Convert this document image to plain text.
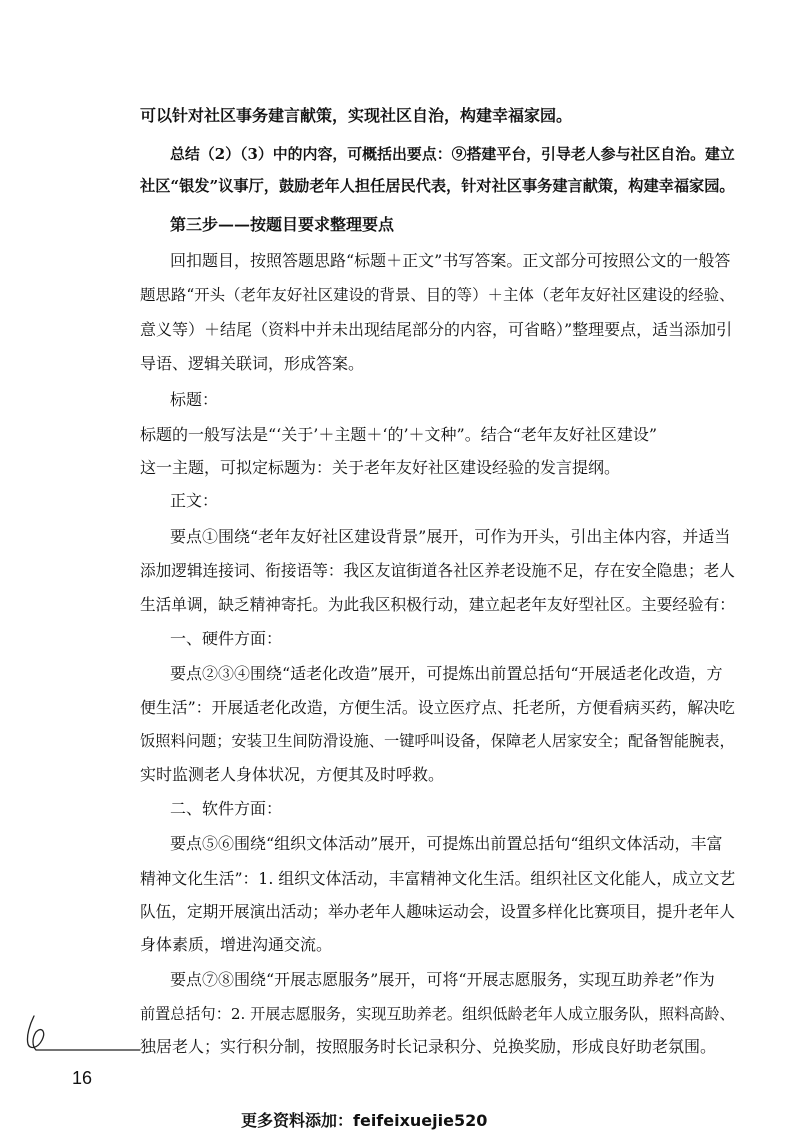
可以针对社区事务建言献策，实现社区自治，构建幸福家园。
总结（2）（3）中的内容，可概括出要点：⑨搭建平台，引导老人参与社区自治。建立
社区“银发”议事厅，鼓励老年人担任居民代表，针对社区事务建言献策，构建幸福家园。
第三步——按题目要求整理要点
回扣题目，按照答题思路“标题＋正文”书写答案。正文部分可按照公文的一般答
题思路“开头（老年友好社区建设的背景、目的等）＋主体（老年友好社区建设的经验、
意义等）＋结尾（资料中并未出现结尾部分的内容，可省略）”整理要点，适当添加引
导语、逻辑关联词，形成答案。
标题：
标题的一般写法是“‘关于’＋主题＋‘的’＋文种”。结合“老年友好社区建设”
这一主题，可拟定标题为：关于老年友好社区建设经验的发言提纲。
正文：
要点①围绕“老年友好社区建设背景”展开，可作为开头，引出主体内容，并适当
添加逻辑连接词、衔接语等：我区友谊街道各社区养老设施不足，存在安全隐患；老人
生活单调，缺乏精神寄托。为此我区积极行动，建立起老年友好型社区。主要经验有：
一、硬件方面：
要点②③④围绕“适老化改造”展开，可提炼出前置总括句“开展适老化改造，方
便生活”：开展适老化改造，方便生活。设立医疗点、托老所，方便看病买药，解决吃
饭照料问题；安装卫生间防滑设施、一键呼叫设备，保障老人居家安全；配备智能腕表，
实时监测老人身体状况，方便其及时呼救。
二、软件方面：
要点⑤⑥围绕“组织文体活动”展开，可提炼出前置总括句“组织文体活动，丰富
精神文化生活”：1. 组织文体活动，丰富精神文化生活。组织社区文化能人，成立文艺
队伍，定期开展演出活动；举办老年人趣味运动会，设置多样化比赛项目，提升老年人
身体素质，增进沟通交流。
要点⑦⑧围绕“开展志愿服务”展开，可将“开展志愿服务，实现互助养老”作为
前置总括句：2. 开展志愿服务，实现互助养老。组织低龄老年人成立服务队，照料高龄、
独居老人；实行积分制，按照服务时长记录积分、兑换奖励，形成良好助老氛围。
16
更多资料添加：feifeixuejie520
